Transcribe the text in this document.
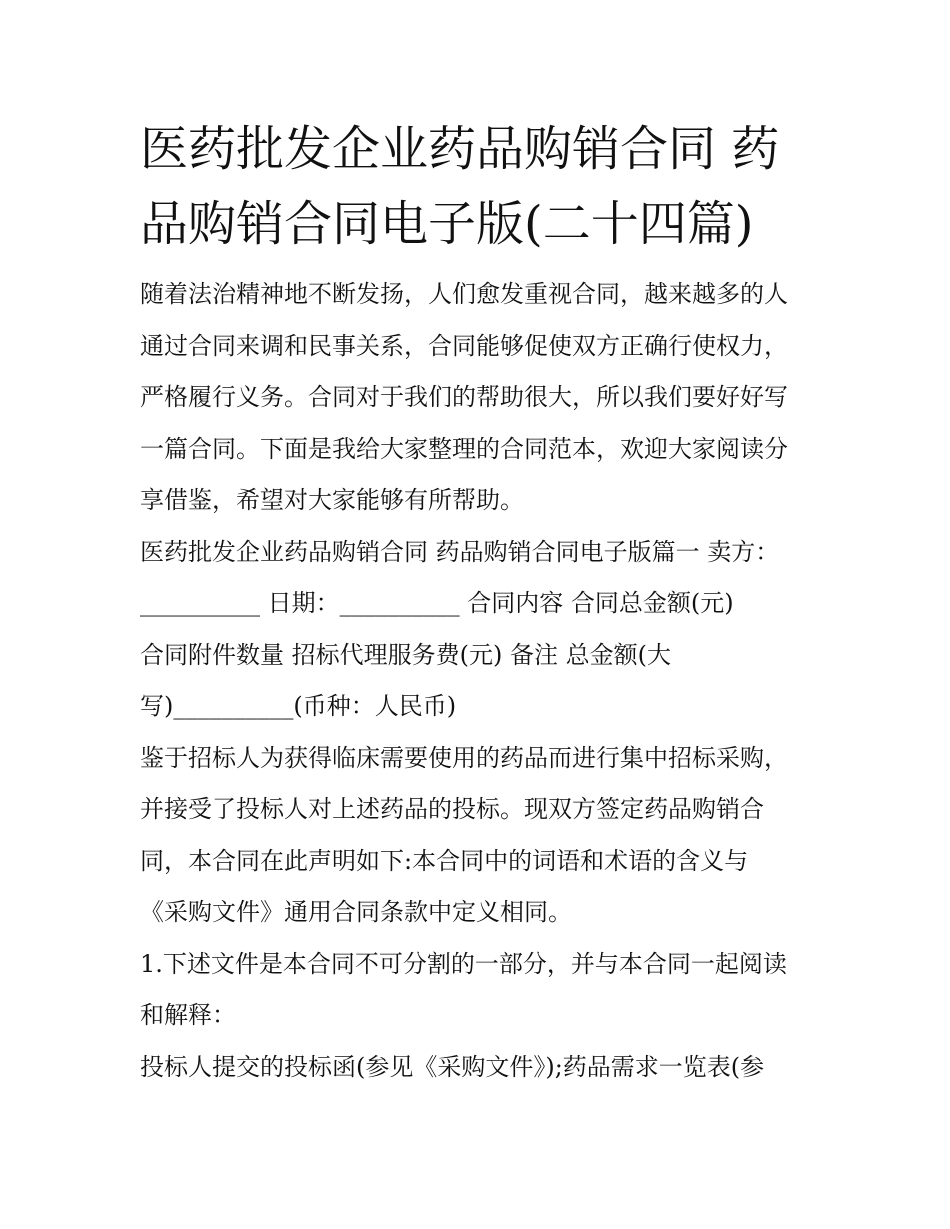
医药批发企业药品购销合同 药
品购销合同电子版(二十四篇)

随着法治精神地不断发扬，人们愈发重视合同，越来越多的人

通过合同来调和民事关系，合同能够促使双方正确行使权力，

严格履行义务。合同对于我们的帮助很大，所以我们要好好写

一篇合同。下面是我给大家整理的合同范本，欢迎大家阅读分

享借鉴，希望对大家能够有所帮助。

医药批发企业药品购销合同 药品购销合同电子版篇一 卖方：

__________ 日期：__________ 合同内容 合同总金额(元)

合同附件数量 招标代理服务费(元) 备注 总金额(大

写)__________(币种：人民币)

鉴于招标人为获得临床需要使用的药品而进行集中招标采购，

并接受了投标人对上述药品的投标。现双方签定药品购销合

同，本合同在此声明如下:本合同中的词语和术语的含义与

《采购文件》通用合同条款中定义相同。

1.下述文件是本合同不可分割的一部分，并与本合同一起阅读

和解释：

投标人提交的投标函(参见《采购文件》);药品需求一览表(参
